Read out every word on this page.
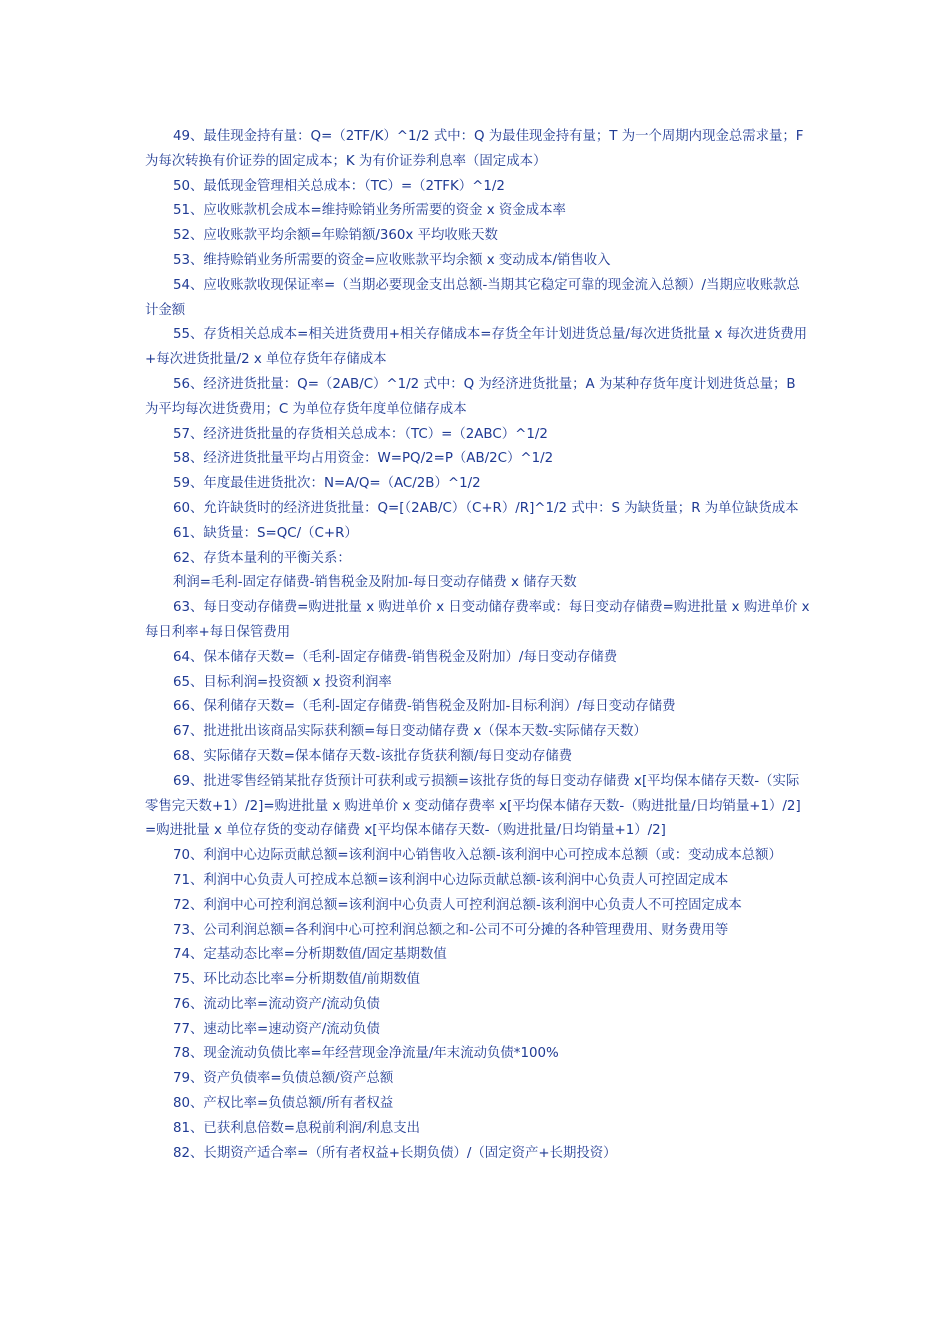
49、最佳现金持有量：Q=（2TF/K）^1/2 式中：Q 为最佳现金持有量；T 为一个周期内现金总需求量；F 为每次转换有价证券的固定成本；K 为有价证券利息率（固定成本）

50、最低现金管理相关总成本：（TC）=（2TFK）^1/2

51、应收账款机会成本=维持赊销业务所需要的资金 x 资金成本率

52、应收账款平均余额=年赊销额/360x 平均收账天数

53、维持赊销业务所需要的资金=应收账款平均余额 x 变动成本/销售收入

54、应收账款收现保证率=（当期必要现金支出总额-当期其它稳定可靠的现金流入总额）/当期应收账款总计金额

55、存货相关总成本=相关进货费用+相关存储成本=存货全年计划进货总量/每次进货批量 x 每次进货费用+每次进货批量/2 x 单位存货年存储成本

56、经济进货批量：Q=（2AB/C）^1/2 式中：Q 为经济进货批量；A 为某种存货年度计划进货总量；B 为平均每次进货费用；C 为单位存货年度单位储存成本

57、经济进货批量的存货相关总成本：（TC）=（2ABC）^1/2

58、经济进货批量平均占用资金：W=PQ/2=P（AB/2C）^1/2

59、年度最佳进货批次：N=A/Q=（AC/2B）^1/2

60、允许缺货时的经济进货批量：Q=[（2AB/C）（C+R）/R]^1/2 式中：S 为缺货量；R 为单位缺货成本

61、缺货量：S=QC/（C+R）

62、存货本量利的平衡关系：

利润=毛利-固定存储费-销售税金及附加-每日变动存储费 x 储存天数

63、每日变动存储费=购进批量 x 购进单价 x 日变动储存费率或：每日变动存储费=购进批量 x 购进单价 x 每日利率+每日保管费用

64、保本储存天数=（毛利-固定存储费-销售税金及附加）/每日变动存储费

65、目标利润=投资额 x 投资利润率

66、保利储存天数=（毛利-固定存储费-销售税金及附加-目标利润）/每日变动存储费

67、批进批出该商品实际获利额=每日变动储存费 x（保本天数-实际储存天数）

68、实际储存天数=保本储存天数-该批存货获利额/每日变动存储费

69、批进零售经销某批存货预计可获利或亏损额=该批存货的每日变动存储费 x[平均保本储存天数-（实际零售完天数+1）/2]=购进批量 x 购进单价 x 变动储存费率 x[平均保本储存天数-（购进批量/日均销量+1）/2]=购进批量 x 单位存货的变动存储费 x[平均保本储存天数-（购进批量/日均销量+1）/2]

70、利润中心边际贡献总额=该利润中心销售收入总额-该利润中心可控成本总额（或：变动成本总额）

71、利润中心负责人可控成本总额=该利润中心边际贡献总额-该利润中心负责人可控固定成本

72、利润中心可控利润总额=该利润中心负责人可控利润总额-该利润中心负责人不可控固定成本

73、公司利润总额=各利润中心可控利润总额之和-公司不可分摊的各种管理费用、财务费用等

74、定基动态比率=分析期数值/固定基期数值

75、环比动态比率=分析期数值/前期数值

76、流动比率=流动资产/流动负债

77、速动比率=速动资产/流动负债

78、现金流动负债比率=年经营现金净流量/年末流动负债*100%

79、资产负债率=负债总额/资产总额

80、产权比率=负债总额/所有者权益

81、已获利息倍数=息税前利润/利息支出

82、长期资产适合率=（所有者权益+长期负债）/（固定资产+长期投资）
